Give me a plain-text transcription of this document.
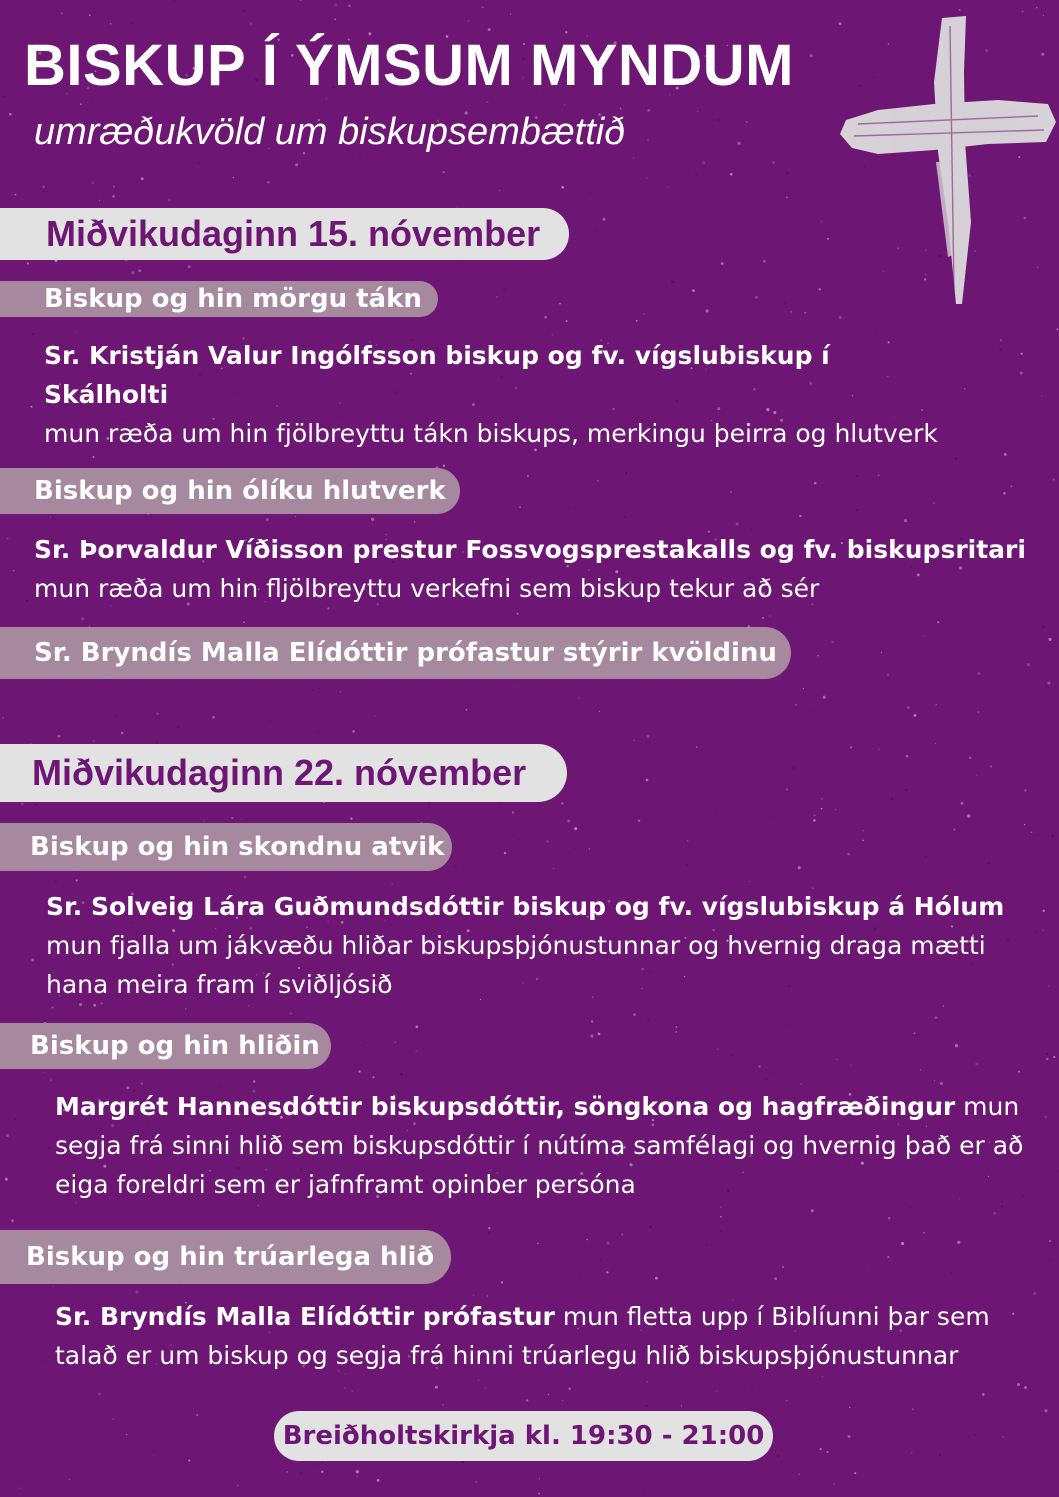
BISKUP Í ÝMSUM MYNDUM
umræðukvöld um biskupsembættið
Miðvikudaginn 15. nóvember
Biskup og hin mörgu tákn

Sr. Kristján Valur Ingólfsson biskup og fv. vígslubiskup í Skálholti
mun ræða um hin fjölbreyttu tákn biskups, merkingu þeirra og hlutverk

Biskup og hin ólíku hlutverk

Sr. Þorvaldur Víðisson prestur Fossvogsprestakalls og fv. biskupsritari
mun ræða um hin fljölbreyttu verkefni sem biskup tekur að sér

Sr. Bryndís Malla Elídóttir prófastur stýrir kvöldinu
Miðvikudaginn 22. nóvember
Biskup og hin skondnu atvik

Sr. Solveig Lára Guðmundsdóttir biskup og fv. vígslubiskup á Hólum mun fjalla um jákvæðu hliðar biskupsþjónustunnar og hvernig draga mætti hana meira fram í sviðljósið

Biskup og hin hliðin

Margrét Hannesdóttir biskupsdóttir, söngkona og hagfræðingur mun segja frá sinni hlið sem biskupsdóttir í nútíma samfélagi og hvernig það er að eiga foreldri sem er jafnframt opinber persóna

Biskup og hin trúarlega hlið

Sr. Bryndís Malla Elídóttir prófastur mun fletta upp í Biblíunni þar sem talað er um biskup og segja frá hinni trúarlegu hlið biskupsþjónustunnar

Breiðholtskirkja kl. 19:30 - 21:00
